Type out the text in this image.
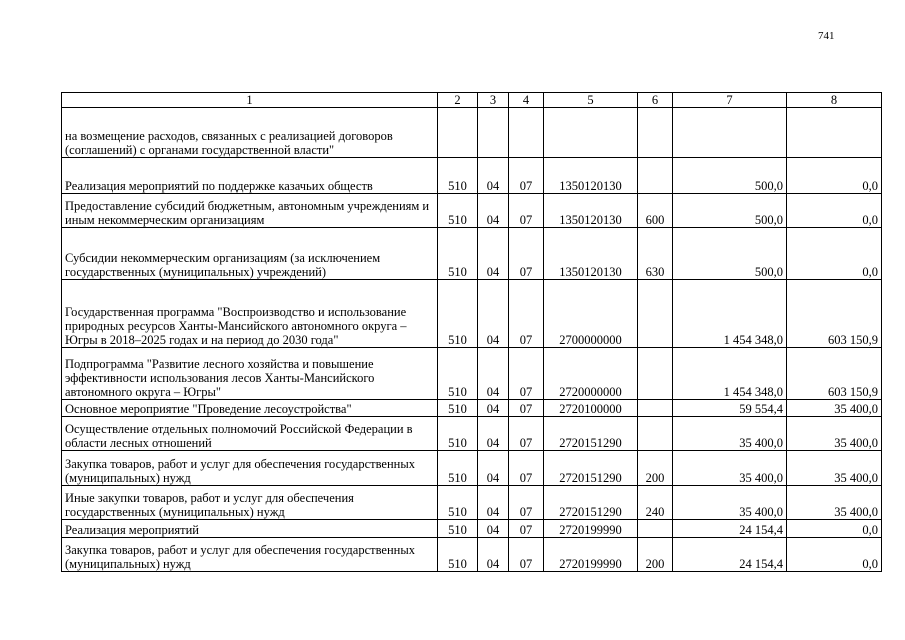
741
1	2	3	4	5	6	7	8
на возмещение расходов, связанных с реализацией договоров (соглашений) с органами государственной власти"							
Реализация мероприятий по поддержке казачьих обществ	510	04	07	1350120130		500,0	0,0
Предоставление субсидий бюджетным, автономным учреждениям и иным некоммерческим организациям	510	04	07	1350120130	600	500,0	0,0
Субсидии некоммерческим организациям (за исключением государственных (муниципальных) учреждений)	510	04	07	1350120130	630	500,0	0,0
Государственная программа "Воспроизводство и использование природных ресурсов Ханты-Мансийского автономного округа – Югры в 2018–2025 годах и на период до 2030 года"	510	04	07	2700000000		1 454 348,0	603 150,9
Подпрограмма "Развитие лесного хозяйства и повышение эффективности использования лесов Ханты-Мансийского автономного округа – Югры"	510	04	07	2720000000		1 454 348,0	603 150,9
Основное мероприятие "Проведение лесоустройства"	510	04	07	2720100000		59 554,4	35 400,0
Осуществление отдельных полномочий Российской Федерации в области лесных отношений	510	04	07	2720151290		35 400,0	35 400,0
Закупка товаров, работ и услуг для обеспечения государственных (муниципальных) нужд	510	04	07	2720151290	200	35 400,0	35 400,0
Иные закупки товаров, работ и услуг для обеспечения государственных (муниципальных) нужд	510	04	07	2720151290	240	35 400,0	35 400,0
Реализация мероприятий	510	04	07	2720199990		24 154,4	0,0
Закупка товаров, работ и услуг для обеспечения государственных (муниципальных) нужд	510	04	07	2720199990	200	24 154,4	0,0
